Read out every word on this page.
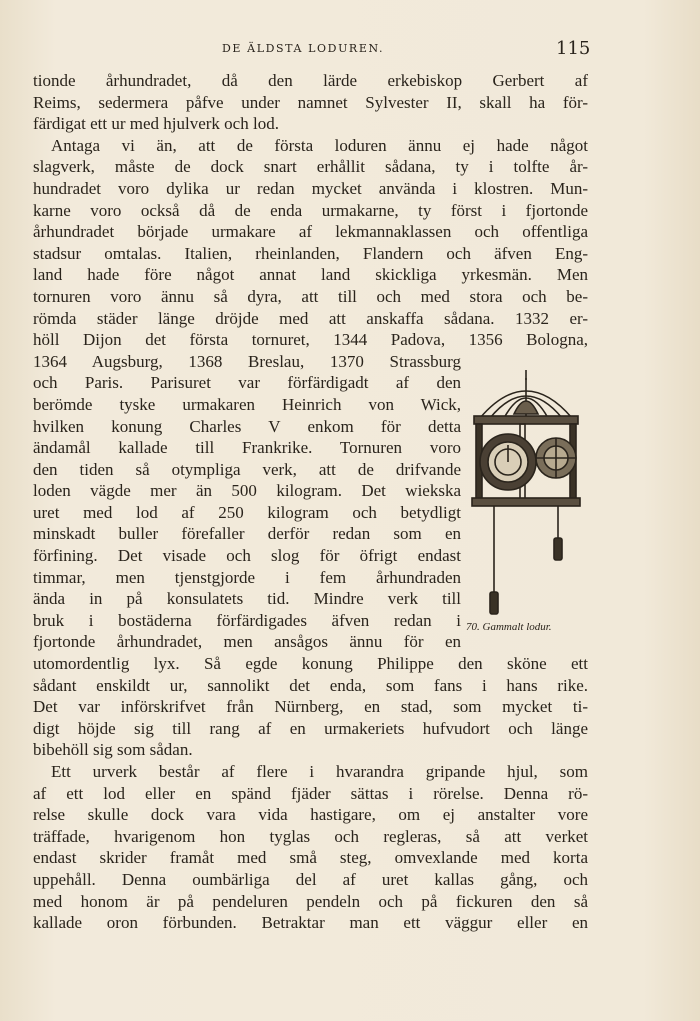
DE ÄLDSTA LODUREN.	115
tionde århundradet, då den lärde erkebiskop Gerbert af
Reims, sedermera påfve under namnet Sylvester II, skall ha för-
färdigat ett ur med hjulverk och lod.
Antaga vi än, att de första loduren ännu ej hade något
slagverk, måste de dock snart erhållit sådana, ty i tolfte år-
hundradet voro dylika ur redan mycket använda i klostren. Mun-
karne voro också då de enda urmakarne, ty först i fjortonde
århundradet började urmakare af lekmannaklassen och offentliga
stadsur omtalas. Italien, rheinlanden, Flandern och äfven Eng-
land hade före något annat land skickliga yrkesmän. Men
tornuren voro ännu så dyra, att till och med stora och be-
römda städer länge dröjde med att anskaffa sådana. 1332 er-
höll Dijon det första tornuret, 1344 Padova, 1356 Bologna,
1364 Augsburg, 1368 Breslau, 1370 Strassburg
och Paris. Parisuret var förfärdigadt af den
berömde tyske urmakaren Heinrich von Wick,
hvilken konung Charles V enkom för detta
ändamål kallade till Frankrike. Tornuren voro
den tiden så otympliga verk, att de drifvande
loden vägde mer än 500 kilogram. Det wiekska
uret med lod af 250 kilogram och betydligt
minskadt buller förefaller derför redan som en
förfining. Det visade och slog för öfrigt endast
timmar, men tjenstgjorde i fem århundraden
ända in på konsulatets tid. Mindre verk till
bruk i bostäderna förfärdigades äfven redan i
fjortonde århundradet, men ansågos ännu för en
utomordentlig lyx. Så egde konung Philippe den sköne ett
sådant enskildt ur, sannolikt det enda, som fans i hans rike.
Det var införskrifvet från Nürnberg, en stad, som mycket ti-
digt höjde sig till rang af en urmakeriets hufvudort och länge
bibehöll sig som sådan.
Ett urverk består af flere i hvarandra gripande hjul, som
af ett lod eller en spänd fjäder sättas i rörelse. Denna rö-
relse skulle dock vara vida hastigare, om ej anstalter vore
träffade, hvarigenom hon tyglas och regleras, så att verket
endast skrider framåt med små steg, omvexlande med korta
uppehåll. Denna oumbärliga del af uret kallas gång, och
med honom är på pendeluren pendeln och på fickuren den så
kallade oron förbunden. Betraktar man ett väggur eller en
70. Gammalt lodur.
